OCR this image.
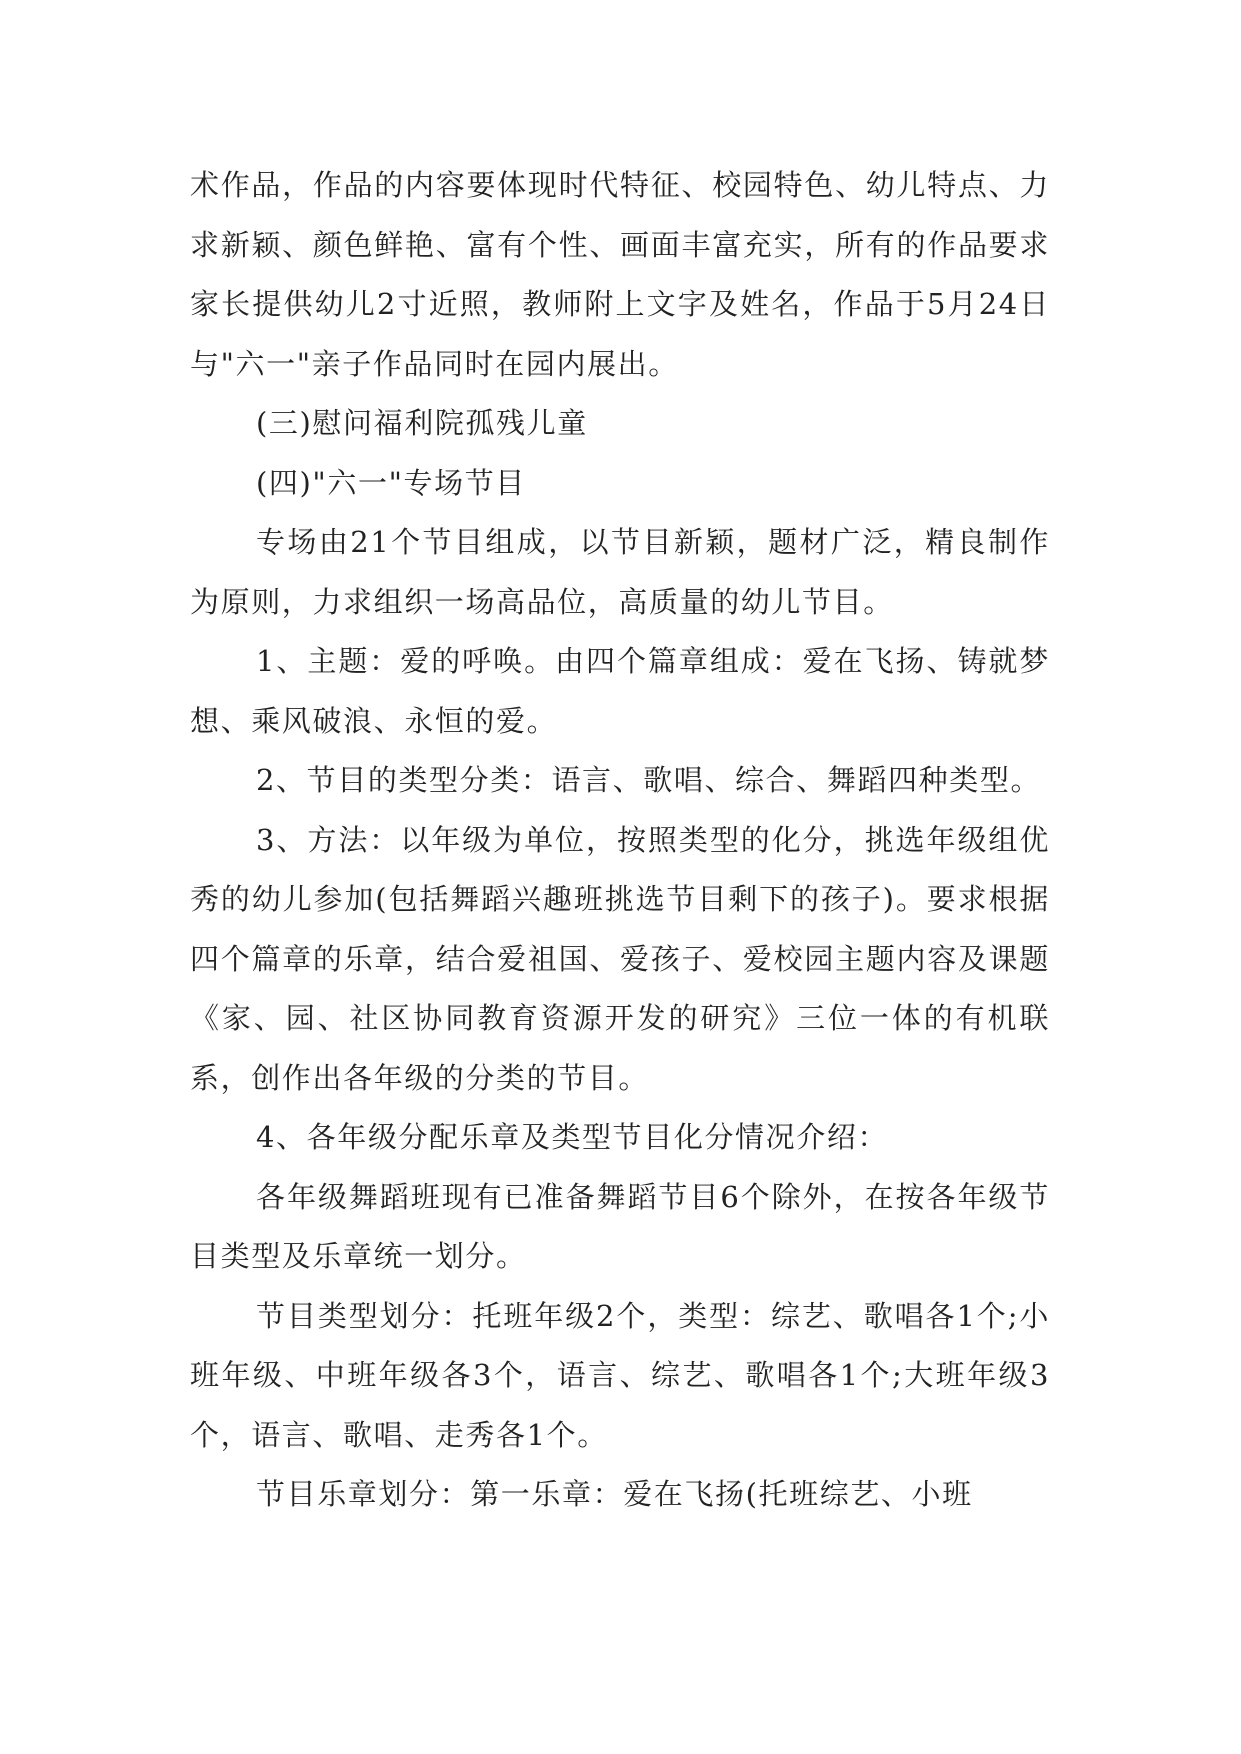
术作品，作品的内容要体现时代特征、校园特色、幼儿特点、力求新颖、颜色鲜艳、富有个性、画面丰富充实，所有的作品要求家长提供幼儿2寸近照，教师附上文字及姓名，作品于5月24日与"六一"亲子作品同时在园内展出。

(三)慰问福利院孤残儿童

(四)"六一"专场节目

专场由21个节目组成，以节目新颖，题材广泛，精良制作为原则，力求组织一场高品位，高质量的幼儿节目。

1、主题：爱的呼唤。由四个篇章组成：爱在飞扬、铸就梦想、乘风破浪、永恒的爱。

2、节目的类型分类：语言、歌唱、综合、舞蹈四种类型。

3、方法：以年级为单位，按照类型的化分，挑选年级组优秀的幼儿参加(包括舞蹈兴趣班挑选节目剩下的孩子)。要求根据四个篇章的乐章，结合爱祖国、爱孩子、爱校园主题内容及课题《家、园、社区协同教育资源开发的研究》三位一体的有机联系，创作出各年级的分类的节目。

4、各年级分配乐章及类型节目化分情况介绍：

各年级舞蹈班现有已准备舞蹈节目6个除外，在按各年级节目类型及乐章统一划分。

节目类型划分：托班年级2个，类型：综艺、歌唱各1个;小班年级、中班年级各3个，语言、综艺、歌唱各1个;大班年级3个，语言、歌唱、走秀各1个。

节目乐章划分：第一乐章：爱在飞扬(托班综艺、小班
